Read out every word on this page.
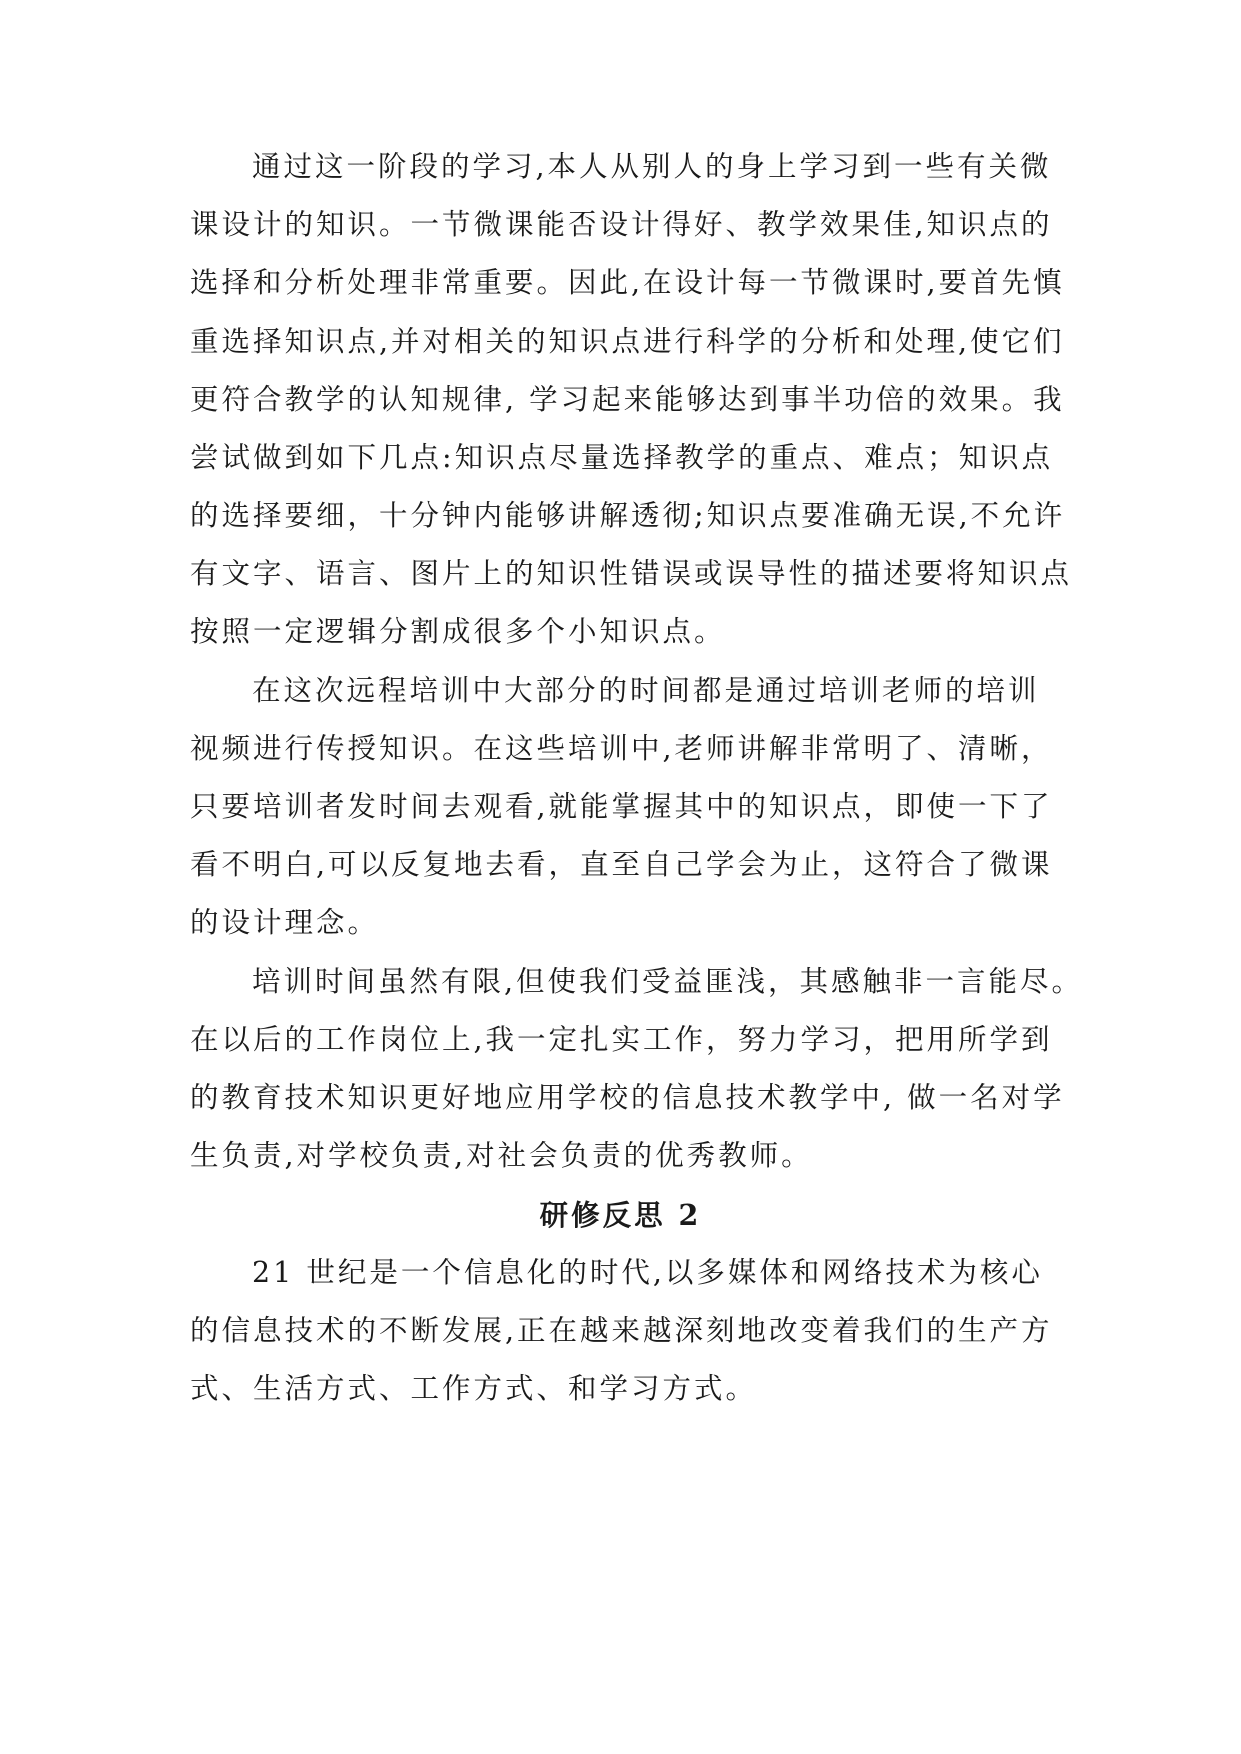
通过这一阶段的学习,本人从别人的身上学习到一些有关微
课设计的知识。一节微课能否设计得好、教学效果佳,知识点的
选择和分析处理非常重要。因此,在设计每一节微课时,要首先慎
重选择知识点,并对相关的知识点进行科学的分析和处理,使它们
更符合教学的认知规律, 学习起来能够达到事半功倍的效果。我
尝试做到如下几点:知识点尽量选择教学的重点、难点；知识点
的选择要细，十分钟内能够讲解透彻;知识点要准确无误,不允许
有文字、语言、图片上的知识性错误或误导性的描述要将知识点
按照一定逻辑分割成很多个小知识点。
在这次远程培训中大部分的时间都是通过培训老师的培训
视频进行传授知识。在这些培训中,老师讲解非常明了、清晰，
只要培训者发时间去观看,就能掌握其中的知识点，即使一下了
看不明白,可以反复地去看，直至自己学会为止，这符合了微课
的设计理念。
培训时间虽然有限,但使我们受益匪浅，其感触非一言能尽。
在以后的工作岗位上,我一定扎实工作，努力学习，把用所学到
的教育技术知识更好地应用学校的信息技术教学中, 做一名对学
生负责,对学校负责,对社会负责的优秀教师。
研修反思 2
21 世纪是一个信息化的时代,以多媒体和网络技术为核心
的信息技术的不断发展,正在越来越深刻地改变着我们的生产方
式、生活方式、工作方式、和学习方式。
